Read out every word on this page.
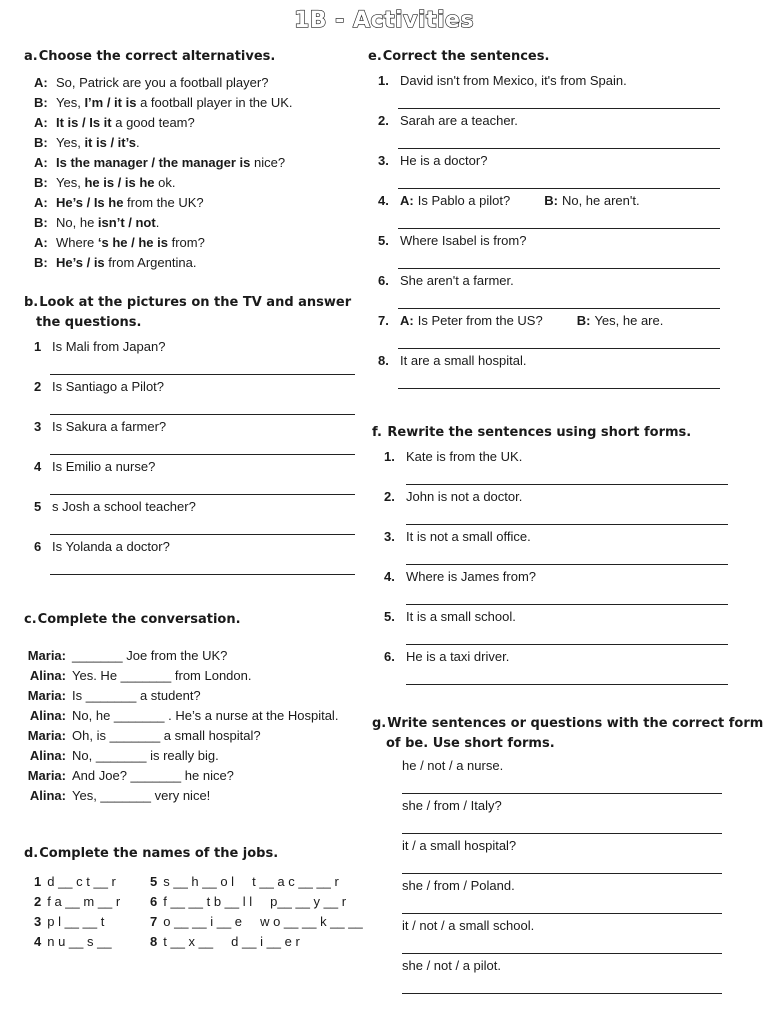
1B - Activities

a.Choose the correct alternatives.

A: So, Patrick are you a football player?
B: Yes, I’m / it is a football player in the UK.
A: It is / Is it a good team?
B: Yes, it is / it’s.
A: Is the manager / the manager is nice?
B: Yes, he is / is he ok.
A: He’s / Is he from the UK?
B: No, he isn’t / not.
A: Where ‘s he / he is from?
B: He’s / is from Argentina.

b.Look at the pictures on the TV and answer the questions.

1 Is Mali from Japan?
2 Is Santiago a Pilot?
3 Is Sakura a farmer?
4 Is Emilio a nurse?
5 s Josh a school teacher?
6 Is Yolanda a doctor?

c.Complete the conversation.

Maria: _______ Joe from the UK?
Alina: Yes. He _______ from London.
Maria: Is _______ a student?
Alina: No, he _______ . He’s a nurse at the Hospital.
Maria: Oh, is _______ a small hospital?
Alina: No, _______ is really big.
Maria: And Joe? _______ he nice?
Alina: Yes, _______ very nice!

d.Complete the names of the jobs.

1 d __ c t __ r
2 f a __ m __ r
3 p l __ __ t
4 n u __ s __
5 s __ h __ o l     t __ a c __ __ r
6 f __ __ t b __ l l     p__ __ y __ r
7 o __ __ i __ e     w o __ __ k __ __
8 t __ x __     d __ i __ e r

e.Correct the sentences.

1. David isn't from Mexico, it's from Spain.
2. Sarah are a teacher.
3. He is a doctor?
4. A: Is Pablo a pilot?	B: No, he aren't.
5. Where Isabel is from?
6. She aren't a farmer.
7. A: Is Peter from the US?	B: Yes, he are.
8. It are a small hospital.

f. Rewrite the sentences using short forms.

1. Kate is from the UK.
2. John is not a doctor.
3. It is not a small office.
4. Where is James from?
5. It is a small school.
6. He is a taxi driver.

g.Write sentences or questions with the correct form of be. Use short forms.

he / not / a nurse.
she / from / Italy?
it / a small hospital?
she / from / Poland.
it / not / a small school.
she / not / a pilot.
